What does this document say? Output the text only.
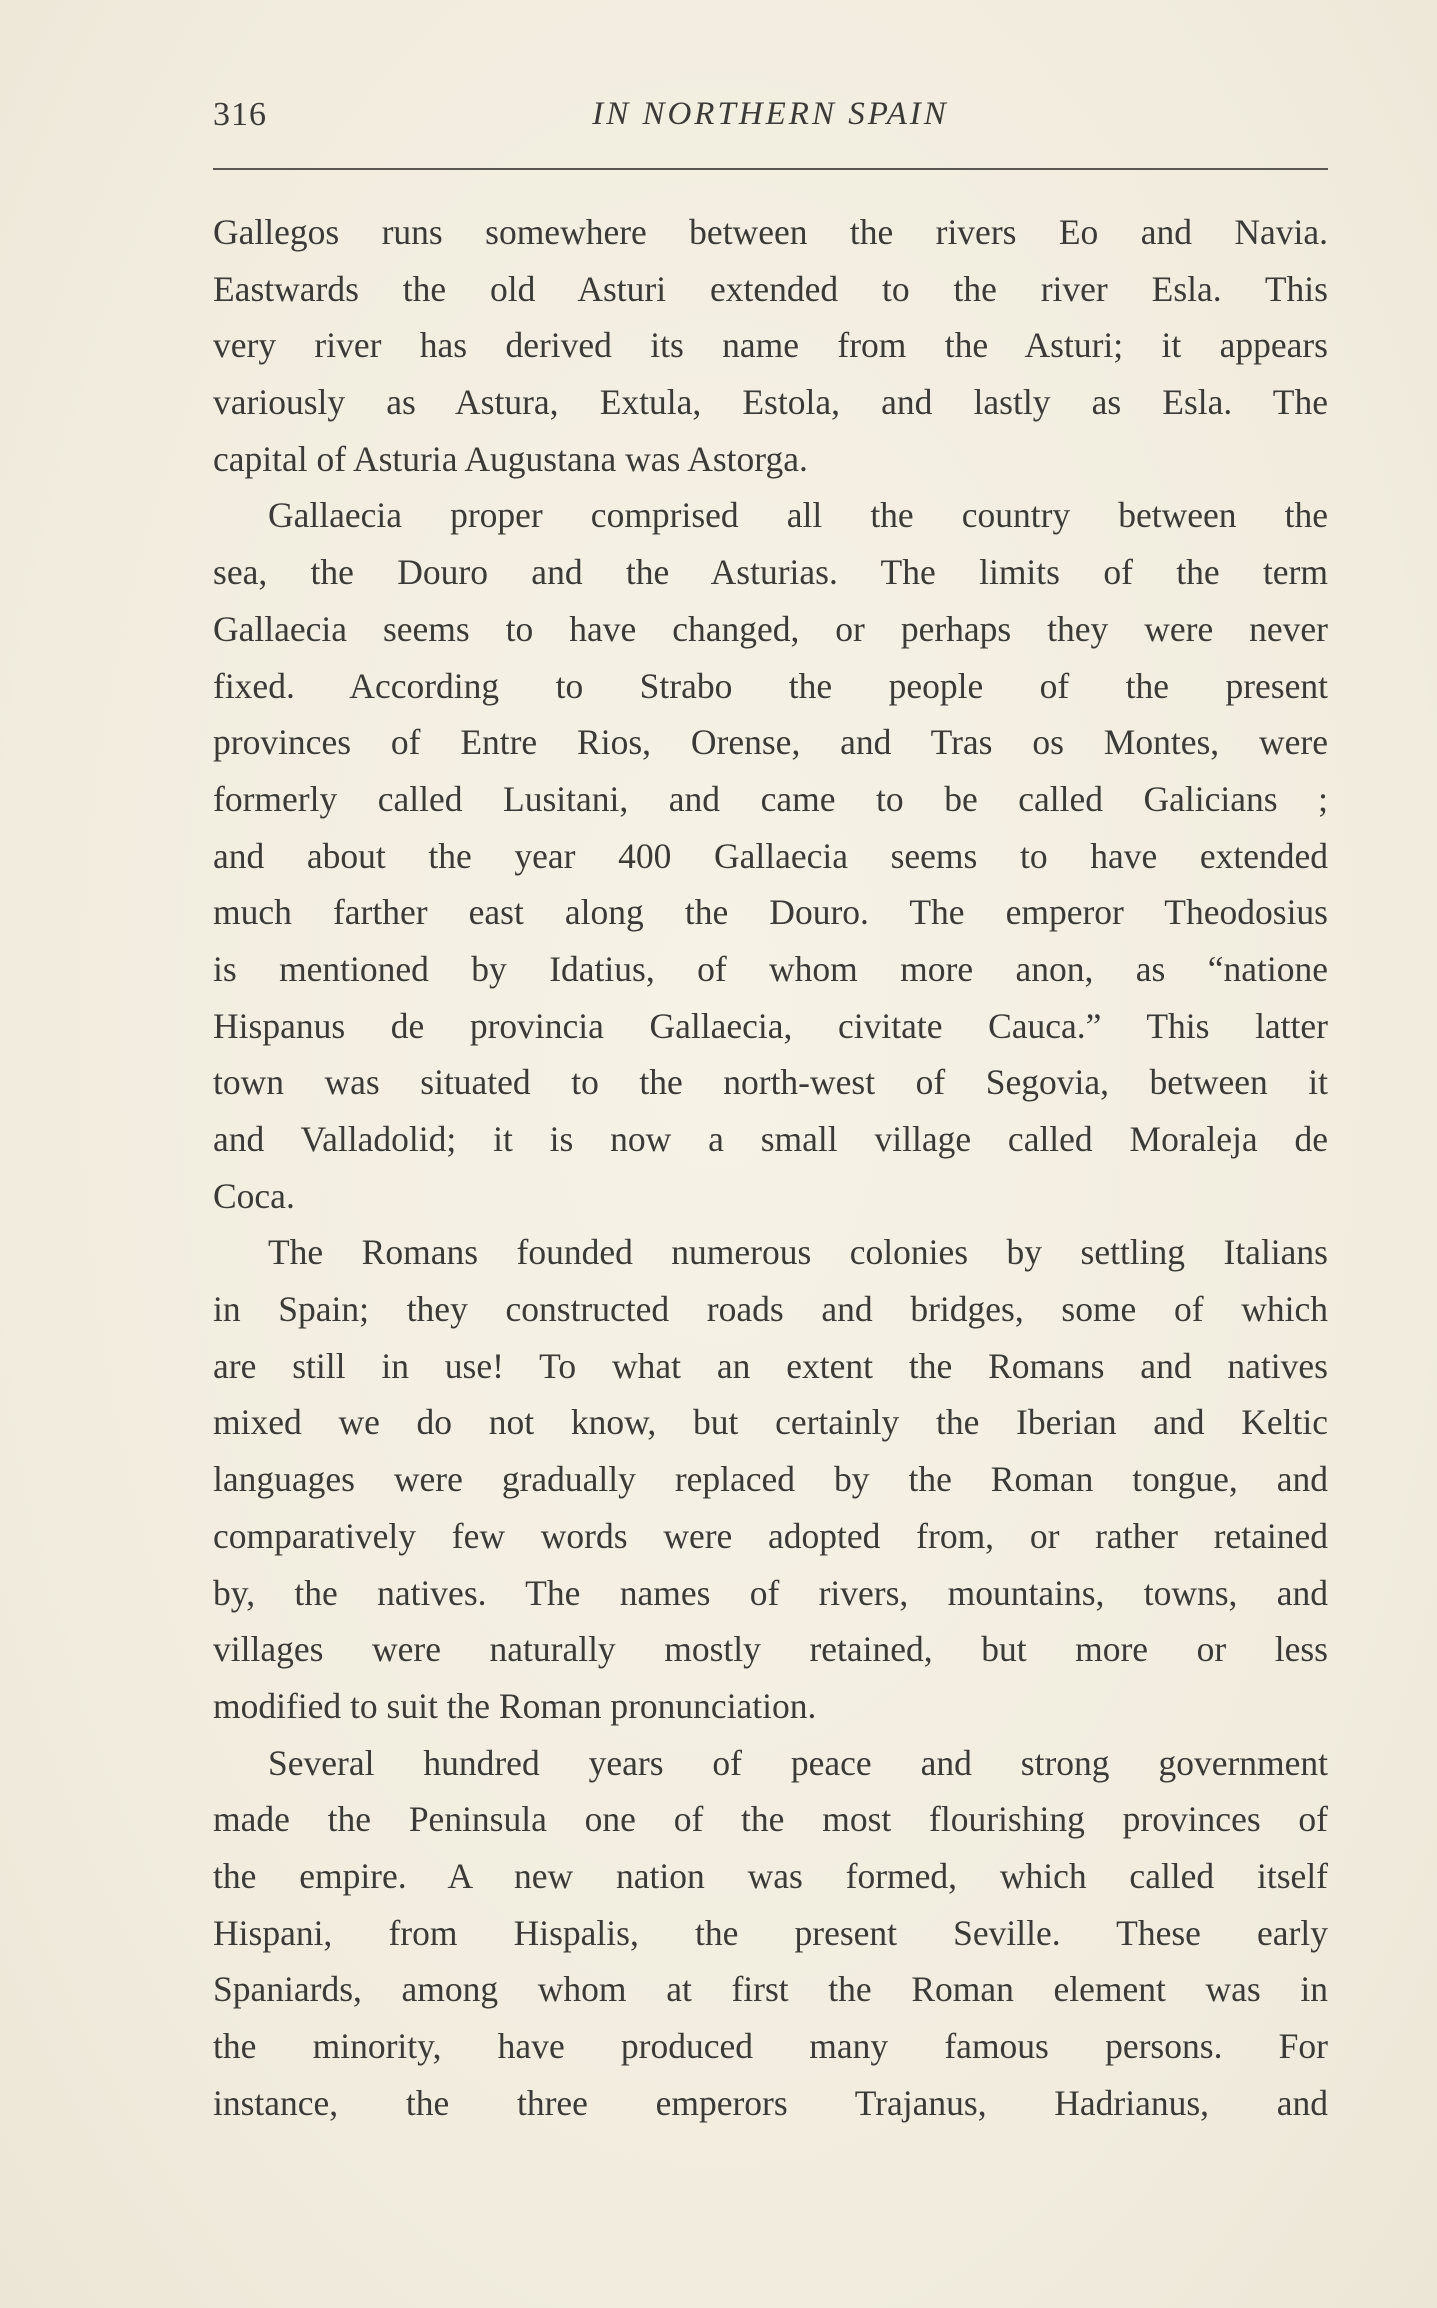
316	IN NORTHERN SPAIN
Gallegos runs somewhere between the rivers Eo and Navia.
Eastwards the old Asturi extended to the river Esla. This
very river has derived its name from the Asturi; it appears
variously as Astura, Extula, Estola, and lastly as Esla. The
capital of Asturia Augustana was Astorga.
Gallaecia proper comprised all the country between the
sea, the Douro and the Asturias. The limits of the term
Gallaecia seems to have changed, or perhaps they were never
fixed. According to Strabo the people of the present
provinces of Entre Rios, Orense, and Tras os Montes, were
formerly called Lusitani, and came to be called Galicians ;
and about the year 400 Gallaecia seems to have extended
much farther east along the Douro. The emperor Theodosius
is mentioned by Idatius, of whom more anon, as “natione
Hispanus de provincia Gallaecia, civitate Cauca.” This latter
town was situated to the north-west of Segovia, between it
and Valladolid; it is now a small village called Moraleja de
Coca.
The Romans founded numerous colonies by settling Italians
in Spain; they constructed roads and bridges, some of which
are still in use! To what an extent the Romans and natives
mixed we do not know, but certainly the Iberian and Keltic
languages were gradually replaced by the Roman tongue, and
comparatively few words were adopted from, or rather retained
by, the natives. The names of rivers, mountains, towns, and
villages were naturally mostly retained, but more or less
modified to suit the Roman pronunciation.
Several hundred years of peace and strong government
made the Peninsula one of the most flourishing provinces of
the empire. A new nation was formed, which called itself
Hispani, from Hispalis, the present Seville. These early
Spaniards, among whom at first the Roman element was in
the minority, have produced many famous persons. For
instance, the three emperors Trajanus, Hadrianus, and
